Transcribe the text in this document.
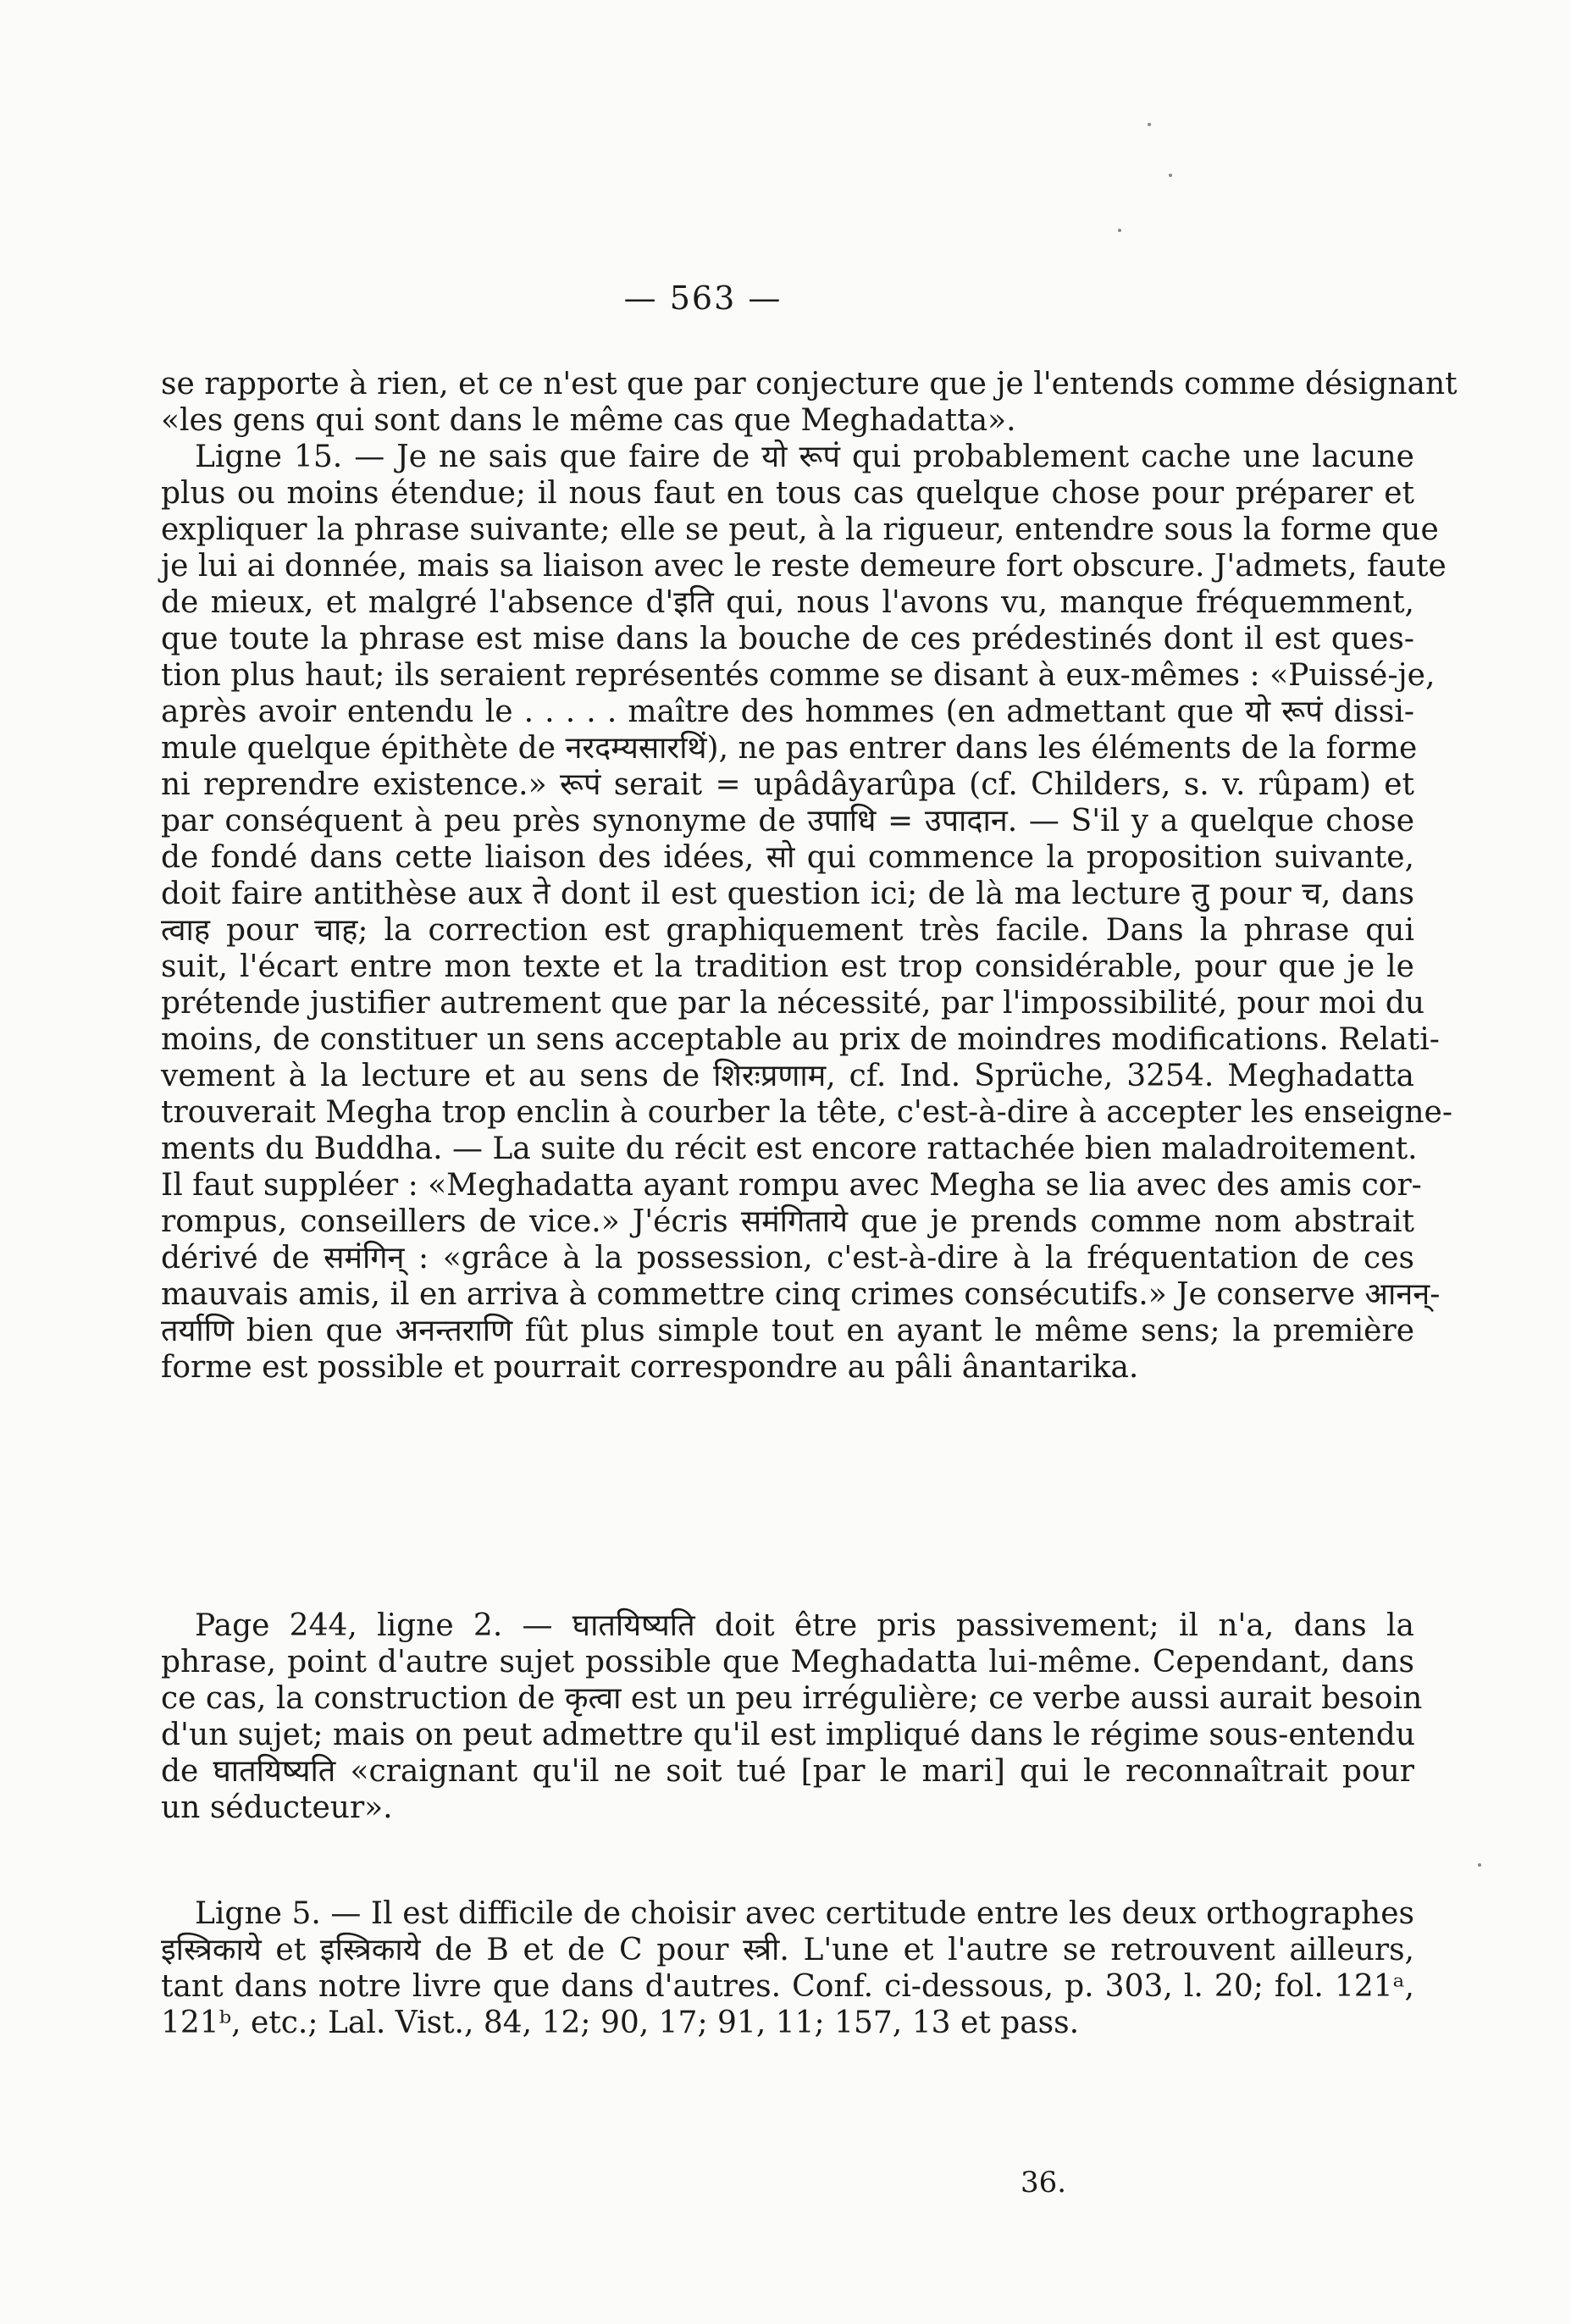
— 563 —
se rapporte à rien, et ce n'est que par conjecture que je l'entends comme désignant
«les gens qui sont dans le même cas que Meghadatta».
Ligne 15. — Je ne sais que faire de यो रूपं qui probablement cache une lacune
plus ou moins étendue; il nous faut en tous cas quelque chose pour préparer et
expliquer la phrase suivante; elle se peut, à la rigueur, entendre sous la forme que
je lui ai donnée, mais sa liaison avec le reste demeure fort obscure. J'admets, faute
de mieux, et malgré l'absence d'इति qui, nous l'avons vu, manque fréquemment,
que toute la phrase est mise dans la bouche de ces prédestinés dont il est ques-
tion plus haut; ils seraient représentés comme se disant à eux-mêmes : «Puissé-je,
après avoir entendu le . . . . . maître des hommes (en admettant que यो रूपं dissi-
mule quelque épithète de नरदम्यसारथिं), ne pas entrer dans les éléments de la forme
ni reprendre existence.» रूपं serait = upâdâyarûpa (cf. Childers, s. v. rûpam) et
par conséquent à peu près synonyme de उपाधि = उपादान. — S'il y a quelque chose
de fondé dans cette liaison des idées, सो qui commence la proposition suivante,
doit faire antithèse aux ते dont il est question ici; de là ma lecture तु pour च, dans
त्वाह pour चाह; la correction est graphiquement très facile. Dans la phrase qui
suit, l'écart entre mon texte et la tradition est trop considérable, pour que je le
prétende justifier autrement que par la nécessité, par l'impossibilité, pour moi du
moins, de constituer un sens acceptable au prix de moindres modifications. Relati-
vement à la lecture et au sens de शिरःप्रणाम, cf. Ind. Sprüche, 3254. Meghadatta
trouverait Megha trop enclin à courber la tête, c'est-à-dire à accepter les enseigne-
ments du Buddha. — La suite du récit est encore rattachée bien maladroitement.
Il faut suppléer : «Meghadatta ayant rompu avec Megha se lia avec des amis cor-
rompus, conseillers de vice.» J'écris समंगिताये que je prends comme nom abstrait
dérivé de समंगिन् : «grâce à la possession, c'est-à-dire à la fréquentation de ces
mauvais amis, il en arriva à commettre cinq crimes consécutifs.» Je conserve आनन्-
तर्याणि bien que अनन्तराणि fût plus simple tout en ayant le même sens; la première
forme est possible et pourrait correspondre au pâli ânantarika.
Page 244, ligne 2. — घातयिष्यति doit être pris passivement; il n'a, dans la
phrase, point d'autre sujet possible que Meghadatta lui-même. Cependant, dans
ce cas, la construction de कृत्वा est un peu irrégulière; ce verbe aussi aurait besoin
d'un sujet; mais on peut admettre qu'il est impliqué dans le régime sous-entendu
de घातयिष्यति «craignant qu'il ne soit tué [par le mari] qui le reconnaîtrait pour
un séducteur».
Ligne 5. — Il est difficile de choisir avec certitude entre les deux orthographes
इस्त्रिकाये et इस्त्रिकाये de B et de C pour स्त्री. L'une et l'autre se retrouvent ailleurs,
tant dans notre livre que dans d'autres. Conf. ci-dessous, p. 303, l. 20; fol. 121ᵃ,
121ᵇ, etc.; Lal. Vist., 84, 12; 90, 17; 91, 11; 157, 13 et pass.
36.
